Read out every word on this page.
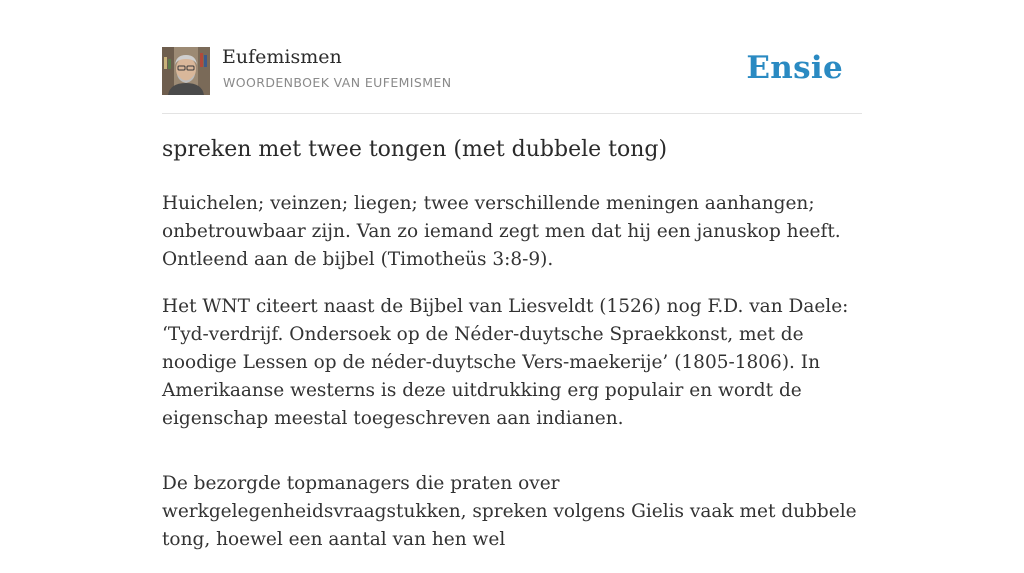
Eufemismen
WOORDENBOEK VAN EUFEMISMEN	Ensie
spreken met twee tongen (met dubbele tong)

Huichelen; veinzen; liegen; twee verschillende meningen aanhangen; onbetrouwbaar zijn. Van zo iemand zegt men dat hij een januskop heeft. Ontleend aan de bijbel (Timotheüs 3:8-9).

Het WNT citeert naast de Bijbel van Liesveldt (1526) nog F.D. van Daele: ‘Tyd-verdrijf. Ondersoek op de Néder-duytsche Spraekkonst, met de noodige Lessen op de néder-duytsche Vers-maekerije’ (1805-1806). In Amerikaanse westerns is deze uitdrukking erg populair en wordt de eigenschap meestal toegeschreven aan indianen.

De bezorgde topmanagers die praten over werkgelegenheidsvraagstukken, spreken volgens Gielis vaak met dubbele tong, hoewel een aantal van hen wel
